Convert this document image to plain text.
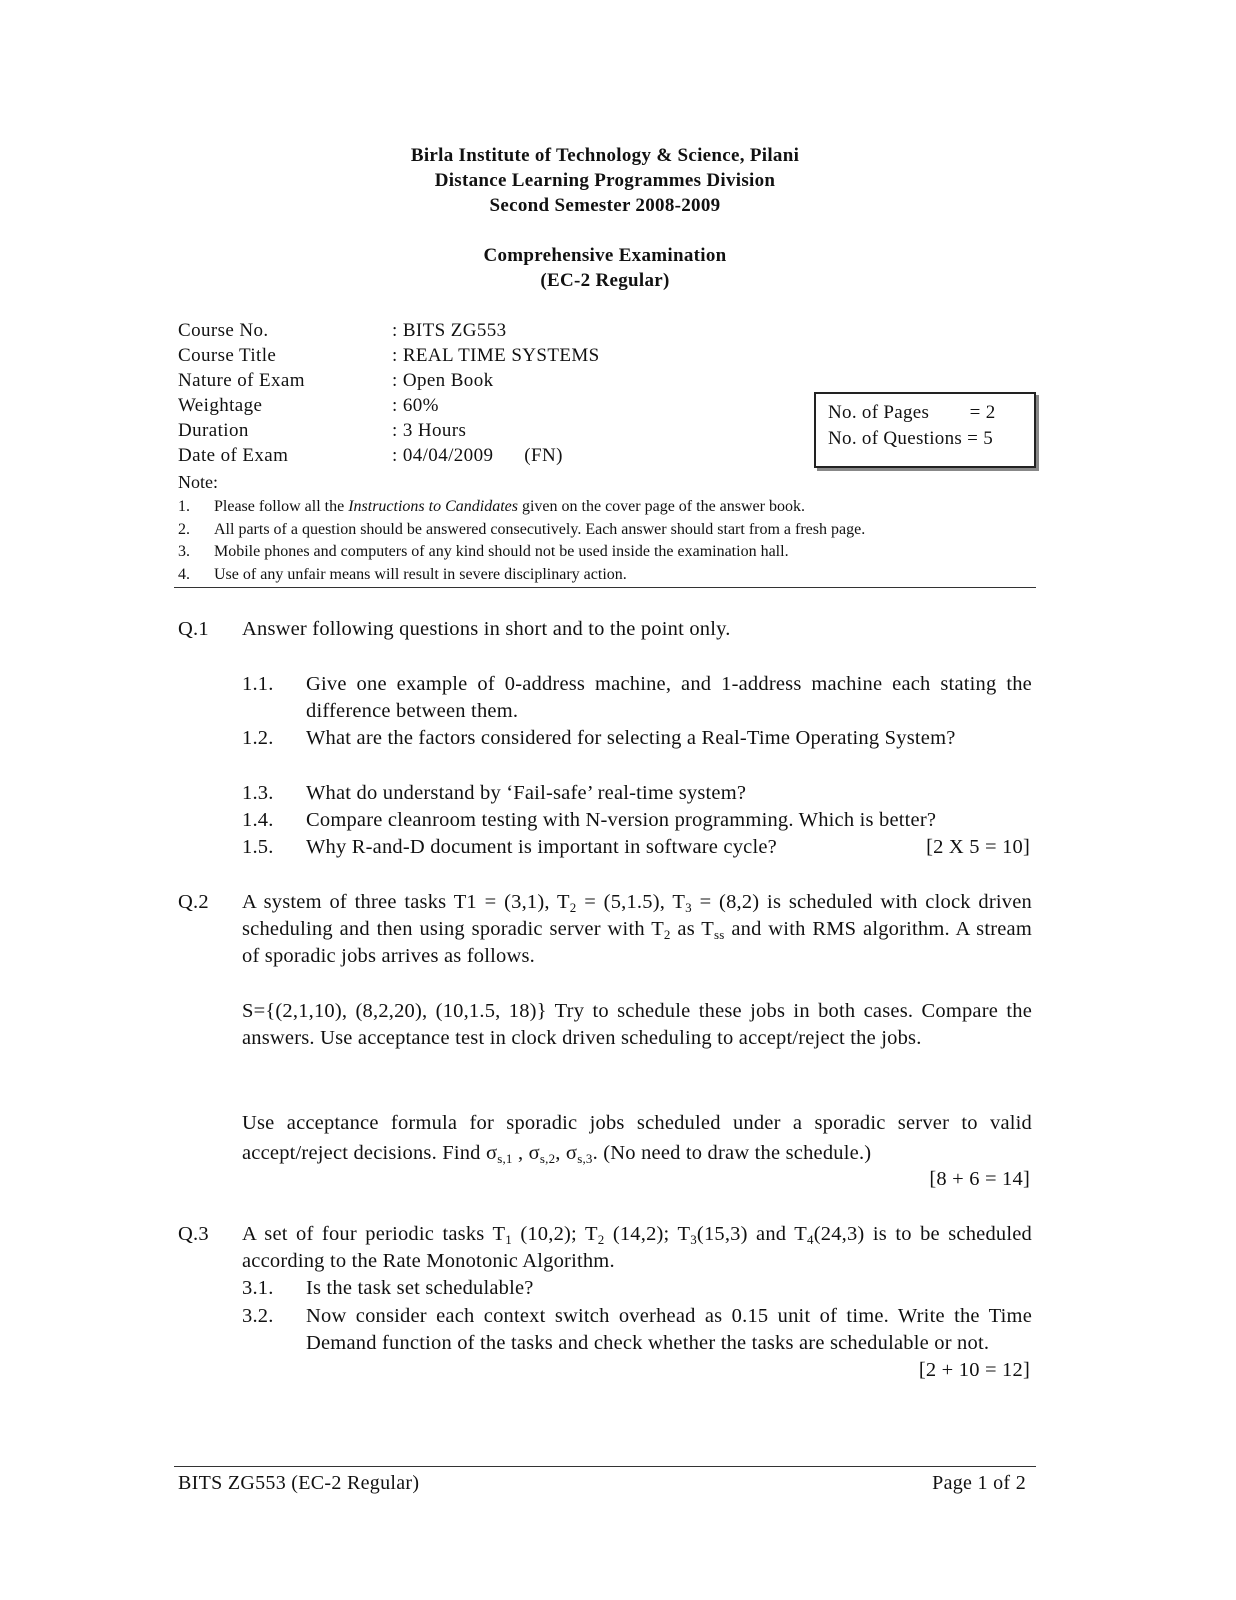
Birla Institute of Technology & Science, Pilani
Distance Learning Programmes Division
Second Semester 2008-2009
Comprehensive Examination
(EC-2 Regular)
Course No.	: BITS ZG553
Course Title	: REAL TIME SYSTEMS
Nature of Exam	: Open Book
Weightage	: 60%
Duration	: 3 Hours
Date of Exam	: 04/04/2009      (FN)
No. of Pages        = 2
No. of Questions = 5
Note:
1. Please follow all the Instructions to Candidates given on the cover page of the answer book.
2. All parts of a question should be answered consecutively. Each answer should start from a fresh page.
3. Mobile phones and computers of any kind should not be used inside the examination hall.
4. Use of any unfair means will result in severe disciplinary action.
Q.1 Answer following questions in short and to the point only.
1.1. Give one example of 0-address machine, and 1-address machine each stating the difference between them.
1.2. What are the factors considered for selecting a Real-Time Operating System?
1.3. What do understand by ‘Fail-safe’ real-time system?
1.4. Compare cleanroom testing with N-version programming. Which is better?
1.5. Why R-and-D document is important in software cycle?	[2 X 5 = 10]
Q.2 A system of three tasks T1 = (3,1), $T_2 = (5,1.5)$, $T_3 = (8,2)$ is scheduled with clock driven scheduling and then using sporadic server with $T_2$ as $T_{ss}$ and with RMS algorithm. A stream of sporadic jobs arrives as follows.
S={(2,1,10), (8,2,20), (10,1.5, 18)} Try to schedule these jobs in both cases. Compare the answers. Use acceptance test in clock driven scheduling to accept/reject the jobs.
Use acceptance formula for sporadic jobs scheduled under a sporadic server to valid accept/reject decisions. Find $\sigma_{s,1}$ , $\sigma_{s,2}$, $\sigma_{s,3}$. (No need to draw the schedule.)
[8 + 6 = 14]
Q.3 A set of four periodic tasks $T_1$ (10,2); $T_2$ (14,2); $T_3(15,3)$ and $T_4(24,3)$ is to be scheduled according to the Rate Monotonic Algorithm.
3.1. Is the task set schedulable?
3.2. Now consider each context switch overhead as 0.15 unit of time. Write the Time Demand function of the tasks and check whether the tasks are schedulable or not.
[2 + 10 = 12]
BITS ZG553 (EC-2 Regular)	Page 1 of 2
